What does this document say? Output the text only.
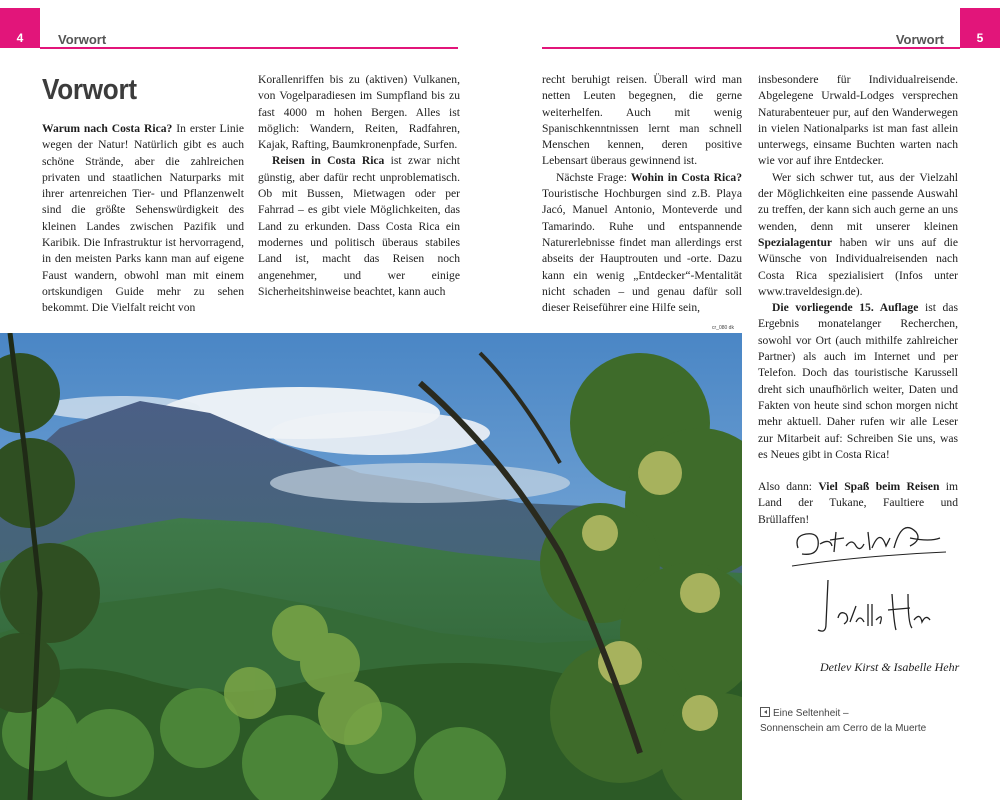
4	Vorwort	5
Vorwort
Vorwort

Warum nach Costa Rica? In erster Linie wegen der Natur! Natürlich gibt es auch schöne Strände, aber die zahlreichen privaten und staatlichen Naturparks mit ihrer artenreichen Tier- und Pflanzenwelt sind die größte Sehenswürdigkeit des kleinen Landes zwischen Pazifik und Karibik. Die Infrastruktur ist hervorragend, in den meisten Parks kann man auf eigene Faust wandern, obwohl man mit einem ortskundigen Guide mehr zu sehen bekommt. Die Vielfalt reicht von

Korallenriffen bis zu (aktiven) Vulkanen, von Vogelparadiesen im Sumpfland bis zu fast 4000 m hohen Bergen. Alles ist möglich: Wandern, Reiten, Radfahren, Kajak, Rafting, Baumkronenpfade, Surfen.

Reisen in Costa Rica ist zwar nicht günstig, aber dafür recht unproblematisch. Ob mit Bussen, Mietwagen oder per Fahrrad – es gibt viele Möglichkeiten, das Land zu erkunden. Dass Costa Rica ein modernes und politisch überaus stabiles Land ist, macht das Reisen noch angenehmer, und wer einige Sicherheitshinweise beachtet, kann auch

recht beruhigt reisen. Überall wird man netten Leuten begegnen, die gerne weiterhelfen. Auch mit wenig Spanischkenntnissen lernt man schnell Menschen kennen, deren positive Lebensart überaus gewinnend ist.

Nächste Frage: Wohin in Costa Rica? Touristische Hochburgen sind z.B. Playa Jacó, Manuel Antonio, Monteverde und Tamarindo. Ruhe und entspannende Naturerlebnisse findet man allerdings erst abseits der Hauptrouten und -orte. Dazu kann ein wenig „Entdecker“-Mentalität nicht schaden – und genau dafür soll dieser Reiseführer eine Hilfe sein,

insbesondere für Individualreisende. Abgelegene Urwald-Lodges versprechen Naturabenteuer pur, auf den Wanderwegen in vielen Nationalparks ist man fast allein unterwegs, einsame Buchten warten nach wie vor auf ihre Entdecker.

Wer sich schwer tut, aus der Vielzahl der Möglichkeiten eine passende Auswahl zu treffen, der kann sich auch gerne an uns wenden, denn mit unserer kleinen Spezialagentur haben wir uns auf die Wünsche von Individualreisenden nach Costa Rica spezialisiert (Infos unter www.traveldesign.de).

Die vorliegende 15. Auflage ist das Ergebnis monatelanger Recherchen, sowohl vor Ort (auch mithilfe zahlreicher Partner) als auch im Internet und per Telefon. Doch das touristische Karussell dreht sich unaufhörlich weiter, Daten und Fakten von heute sind schon morgen nicht mehr aktuell. Daher rufen wir alle Leser zur Mitarbeit auf: Schreiben Sie uns, was es Neues gibt in Costa Rica!

Also dann: Viel Spaß beim Reisen im Land der Tukane, Faultiere und Brüllaffen!

cr_080 dk
Detlev Kirst & Isabelle Hehr
Eine Seltenheit –
Sonnenschein am Cerro de la Muerte
